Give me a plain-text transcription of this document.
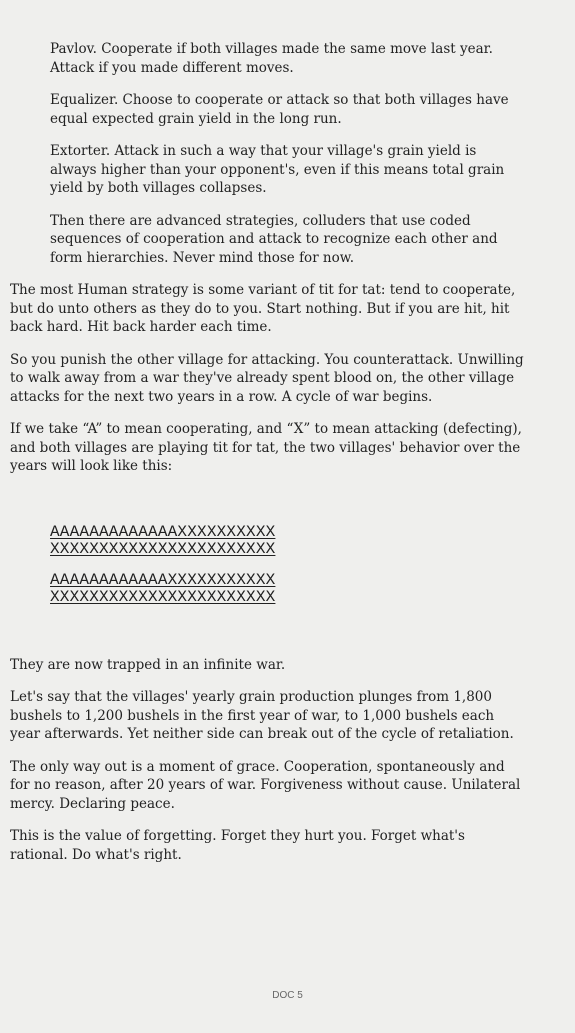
Pavlov. Cooperate if both villages made the same move last year. Attack if you made different moves.

Equalizer. Choose to cooperate or attack so that both villages have equal expected grain yield in the long run.

Extorter. Attack in such a way that your village's grain yield is always higher than your opponent's, even if this means total grain yield by both villages collapses.

Then there are advanced strategies, colluders that use coded sequences of cooperation and attack to recognize each other and form hierarchies. Never mind those for now.

The most Human strategy is some variant of tit for tat: tend to cooperate, but do unto others as they do to you. Start nothing. But if you are hit, hit back hard. Hit back harder each time.

So you punish the other village for attacking. You counterattack. Unwilling to walk away from a war they've already spent blood on, the other village attacks for the next two years in a row. A cycle of war begins.

If we take “A” to mean cooperating, and “X” to mean attacking (defecting), and both villages are playing tit for tat, the two villages' behavior over the years will look like this:

AAAAAAAAAAAAAXXXXXXXXXX
XXXXXXXXXXXXXXXXXXXXXXX
AAAAAAAAAAAAXXXXXXXXXXX
XXXXXXXXXXXXXXXXXXXXXXX

They are now trapped in an infinite war.

Let's say that the villages' yearly grain production plunges from 1,800 bushels to 1,200 bushels in the first year of war, to 1,000 bushels each year afterwards. Yet neither side can break out of the cycle of retaliation.

The only way out is a moment of grace. Cooperation, spontaneously and for no reason, after 20 years of war. Forgiveness without cause. Unilateral mercy. Declaring peace.

This is the value of forgetting. Forget they hurt you. Forget what's rational. Do what's right.

DOC 5
